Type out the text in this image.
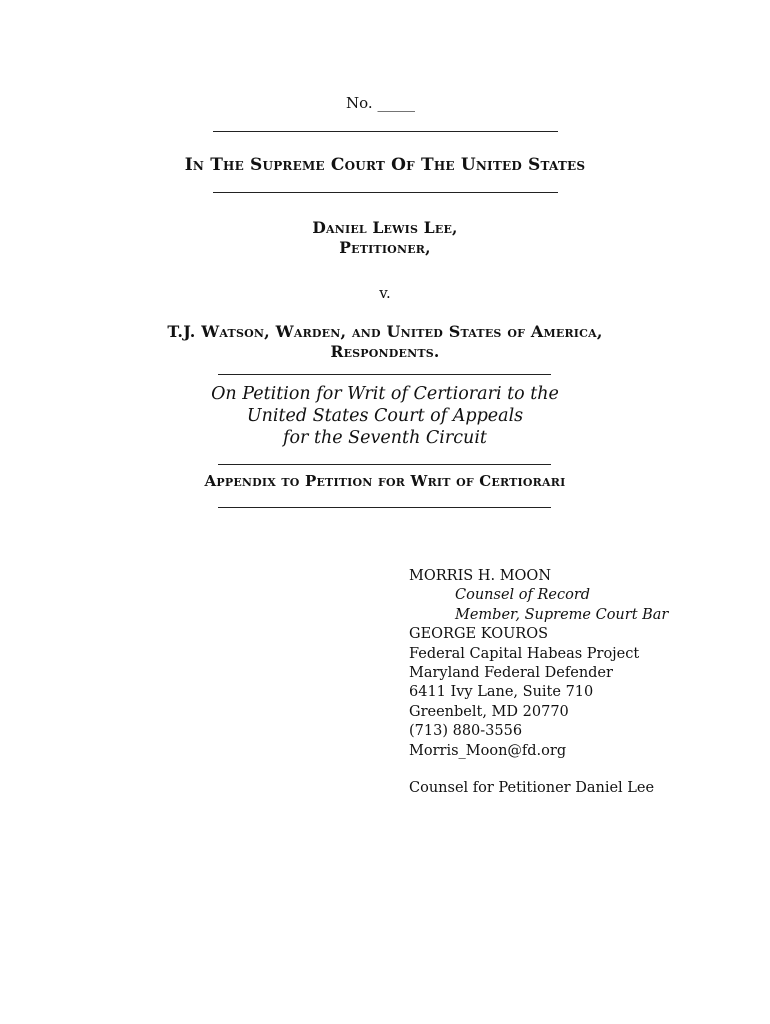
No. _____
In The Supreme Court Of The United States
Daniel Lewis Lee,
Petitioner,
v.
T.J. Watson, Warden, and United States of America,
Respondents.
On Petition for Writ of Certiorari to the
United States Court of Appeals
for the Seventh Circuit
Appendix to Petition for Writ of Certiorari
MORRIS H. MOON
Counsel of Record
Member, Supreme Court Bar
GEORGE KOUROS
Federal Capital Habeas Project
Maryland Federal Defender
6411 Ivy Lane, Suite 710
Greenbelt, MD 20770
(713) 880-3556
Morris_Moon@fd.org
Counsel for Petitioner Daniel Lee
